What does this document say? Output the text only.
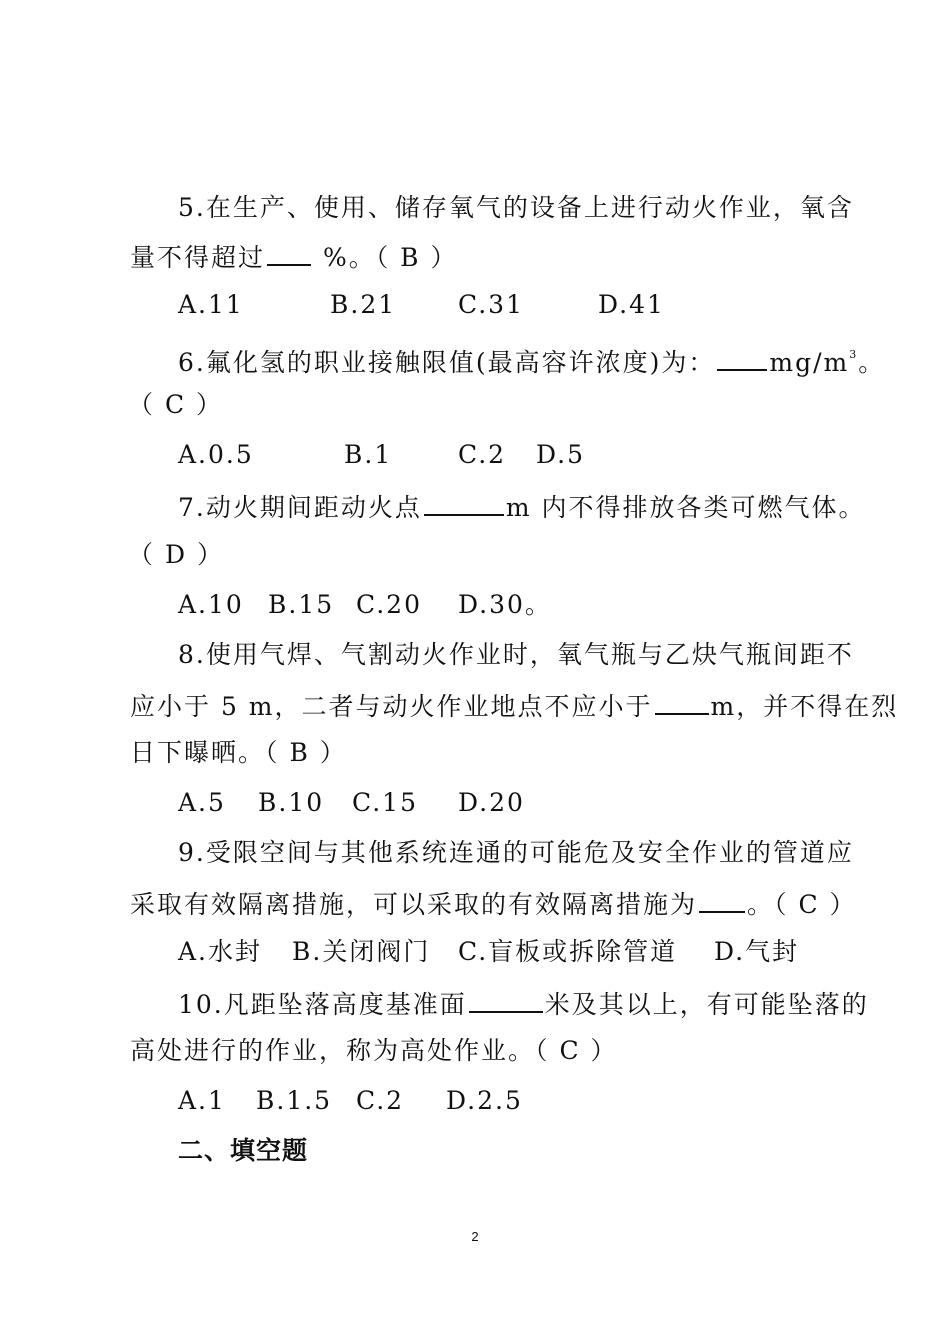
5.在生产、使用、储存氧气的设备上进行动火作业，氧含
量不得超过 %。（ B ）
A.11	B.21 C.31	D.41
6.氟化氢的职业接触限值(最高容许浓度)为： $mg/m^3$。
（ C ）
A.0.5	B.1	C.2 D.5
7.动火期间距动火点	m 内不得排放各类可燃气体。
（ D ）
A.10 B.15 C.20 D.30。
8.使用气焊、气割动火作业时，氧气瓶与乙炔气瓶间距不
应小于 5 m，二者与动火作业地点不应小于 m，并不得在烈
日下曝晒。（ B ）
A.5 B.10 C.15 D.20
9.受限空间与其他系统连通的可能危及安全作业的管道应
采取有效隔离措施，可以采取的有效隔离措施为 。（ C ）
A.水封 B.关闭阀门 C.盲板或拆除管道 D.气封
10.凡距坠落高度基准面	米及其以上，有可能坠落的
高处进行的作业，称为高处作业。（ C ）
A.1 B.1.5 C.2 D.2.5
二、填空题
2
